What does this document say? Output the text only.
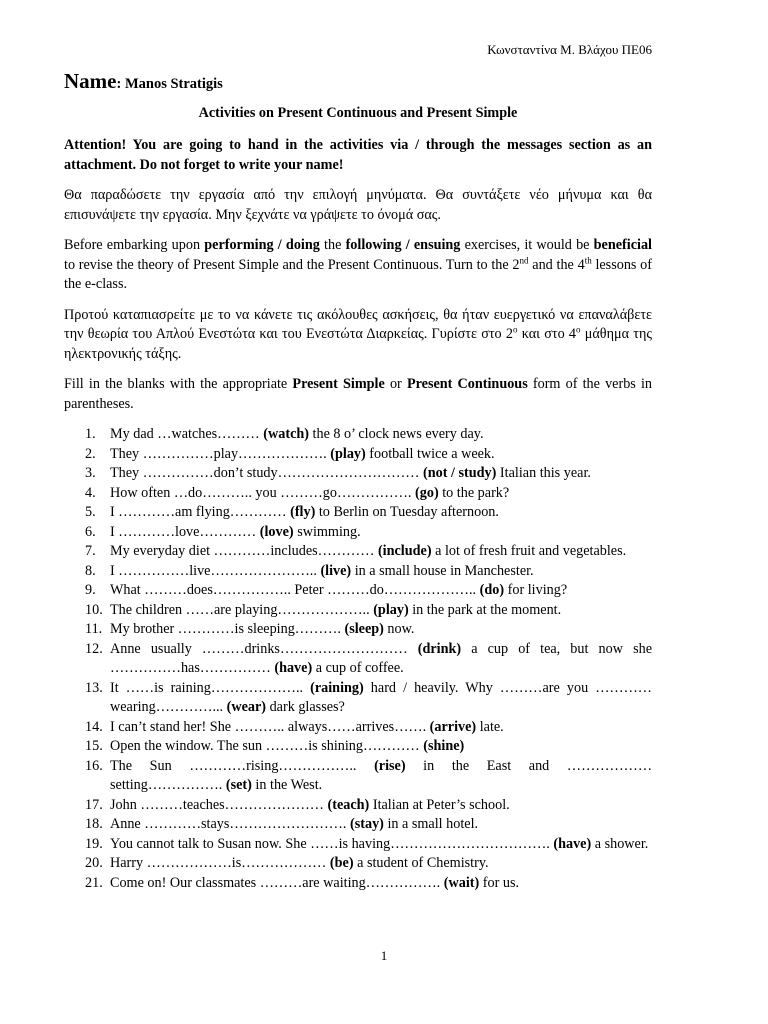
Κωνσταντίνα Μ. Βλάχου ΠΕ06
Name: Manos Stratigis
Activities on Present Continuous and Present Simple

Attention! You are going to hand in the activities via / through the messages section as an attachment. Do not forget to write your name!

Θα παραδώσετε την εργασία από την επιλογή μηνύματα. Θα συντάξετε νέο μήνυμα και θα επισυνάψετε την εργασία. Μην ξεχνάτε να γράψετε το όνομά σας.

Before embarking upon performing / doing the following / ensuing exercises, it would be beneficial to revise the theory of Present Simple and the Present Continuous. Turn to the 2nd and the 4th lessons of the e-class.

Προτού καταπιασρείτε με το να κάνετε τις ακόλουθες ασκήσεις, θα ήταν ευεργετικό να επαναλάβετε την θεωρία του Απλού Ενεστώτα και του Ενεστώτα Διαρκείας. Γυρίστε στο $2^o$ και στο $4^o$ μάθημα της ηλεκτρονικής τάξης.

Fill in the blanks with the appropriate Present Simple or Present Continuous form of the verbs in parentheses.

1. My dad …watches……… (watch) the 8 o’ clock news every day.
2. They ……………play………………. (play) football twice a week.
3. They ……………don’t study………………………… (not / study) Italian this year.
4. How often …do……….. you ………go……………. (go) to the park?
5. I …………am flying………… (fly) to Berlin on Tuesday afternoon.
6. I …………love………… (love) swimming.
7. My everyday diet …………includes………… (include) a lot of fresh fruit and vegetables.
8. I ……………live………………….. (live) in a small house in Manchester.
9. What ………does…………….. Peter ………do……………….. (do) for living?
10. The children ……are playing……………….. (play) in the park at the moment.
11. My brother …………is sleeping………. (sleep) now.
12. Anne usually ………drinks……………………… (drink) a cup of tea, but now she ……………has…………… (have) a cup of coffee.
13. It ……is raining……………….. (raining) hard / heavily. Why ………are you …………wearing…………... (wear) dark glasses?
14. I can’t stand her! She ……….. always……arrives……. (arrive) late.
15. Open the window. The sun ………is shining………… (shine)
16. The Sun …………rising…………….. (rise) in the East and ……………… setting……………. (set) in the West.
17. John ………teaches………………… (teach) Italian at Peter’s school.
18. Anne …………stays……………………. (stay) in a small hotel.
19. You cannot talk to Susan now. She ……is having……………………………. (have) a shower.
20. Harry ………………is……………… (be) a student of Chemistry.
21. Come on! Our classmates ………are waiting……………. (wait) for us.
1
